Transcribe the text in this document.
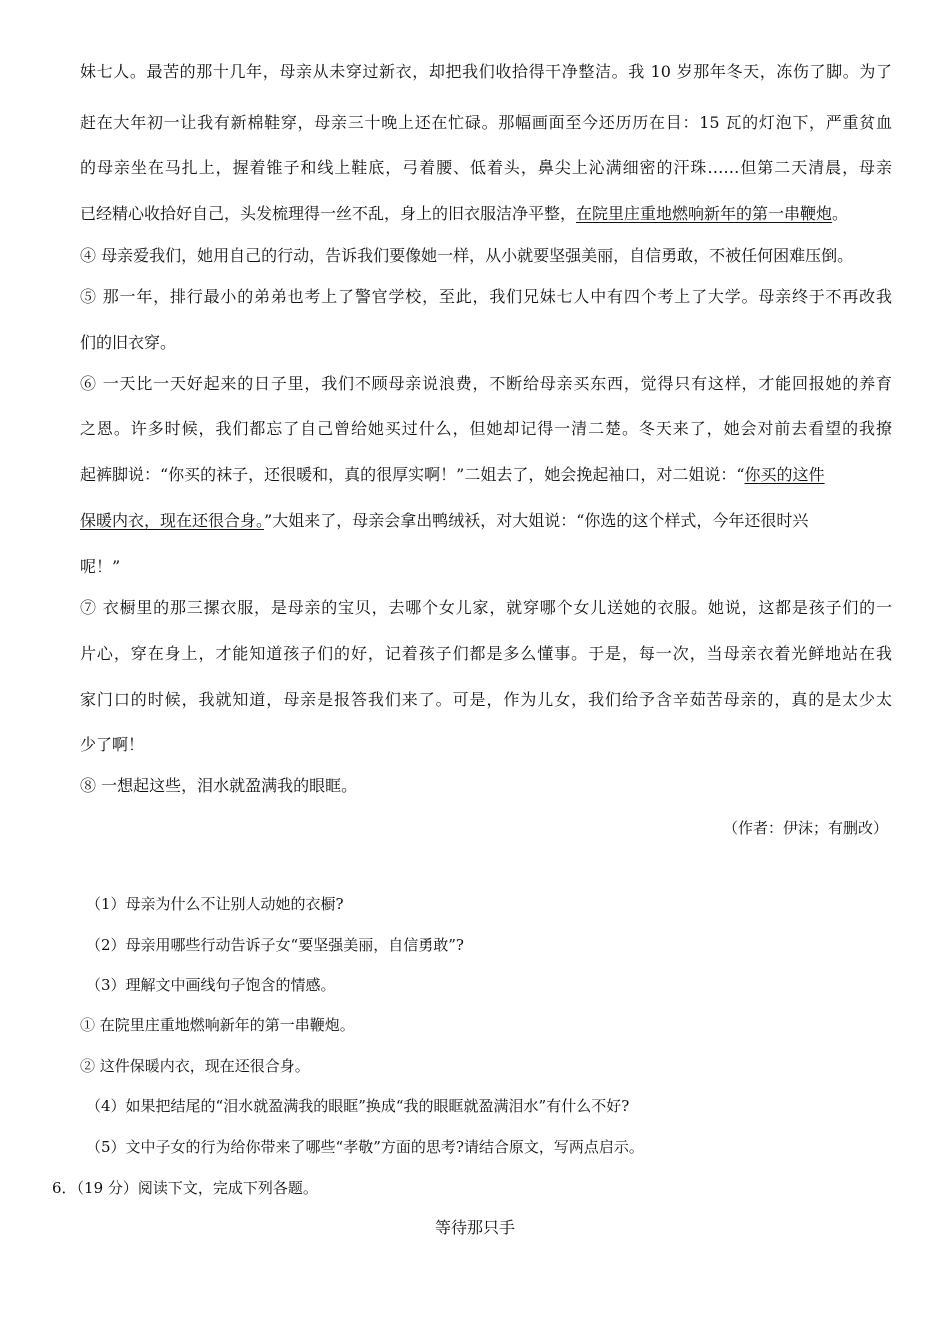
妹七人。最苦的那十几年，母亲从未穿过新衣，却把我们收拾得干净整洁。我 10 岁那年冬天，冻伤了脚。为了
赶在大年初一让我有新棉鞋穿，母亲三十晚上还在忙碌。那幅画面至今还历历在目：15 瓦的灯泡下，严重贫血
的母亲坐在马扎上，握着锥子和线上鞋底，弓着腰、低着头，鼻尖上沁满细密的汗珠……但第二天清晨，母亲
已经精心收拾好自己，头发梳理得一丝不乱，身上的旧衣服洁净平整，在院里庄重地燃响新年的第一串鞭炮。
④ 母亲爱我们，她用自己的行动，告诉我们要像她一样，从小就要坚强美丽，自信勇敢，不被任何困难压倒。
⑤ 那一年，排行最小的弟弟也考上了警官学校，至此，我们兄妹七人中有四个考上了大学。母亲终于不再改我
们的旧衣穿。
⑥ 一天比一天好起来的日子里，我们不顾母亲说浪费，不断给母亲买东西，觉得只有这样，才能回报她的养育
之恩。许多时候，我们都忘了自己曾给她买过什么，但她却记得一清二楚。冬天来了，她会对前去看望的我撩
起裤脚说：“你买的袜子，还很暖和，真的很厚实啊！”二姐去了，她会挽起袖口，对二姐说：“你买的这件
保暖内衣，现在还很合身。”大姐来了，母亲会拿出鸭绒袄，对大姐说：“你选的这个样式，今年还很时兴
呢！”
⑦ 衣橱里的那三摞衣服，是母亲的宝贝，去哪个女儿家，就穿哪个女儿送她的衣服。她说，这都是孩子们的一
片心，穿在身上，才能知道孩子们的好，记着孩子们都是多么懂事。于是，每一次，当母亲衣着光鲜地站在我
家门口的时候，我就知道，母亲是报答我们来了。可是，作为儿女，我们给予含辛茹苦母亲的，真的是太少太
少了啊！
⑧ 一想起这些，泪水就盈满我的眼眶。
（作者：伊沫；有删改）
（1）母亲为什么不让别人动她的衣橱?
（2）母亲用哪些行动告诉子女“要坚强美丽，自信勇敢”?
（3）理解文中画线句子饱含的情感。
① 在院里庄重地燃响新年的第一串鞭炮。
② 这件保暖内衣，现在还很合身。
（4）如果把结尾的“泪水就盈满我的眼眶”换成“我的眼眶就盈满泪水”有什么不好?
（5）文中子女的行为给你带来了哪些“孝敬”方面的思考?请结合原文，写两点启示。
6．（19 分）阅读下文，完成下列各题。
等待那只手
